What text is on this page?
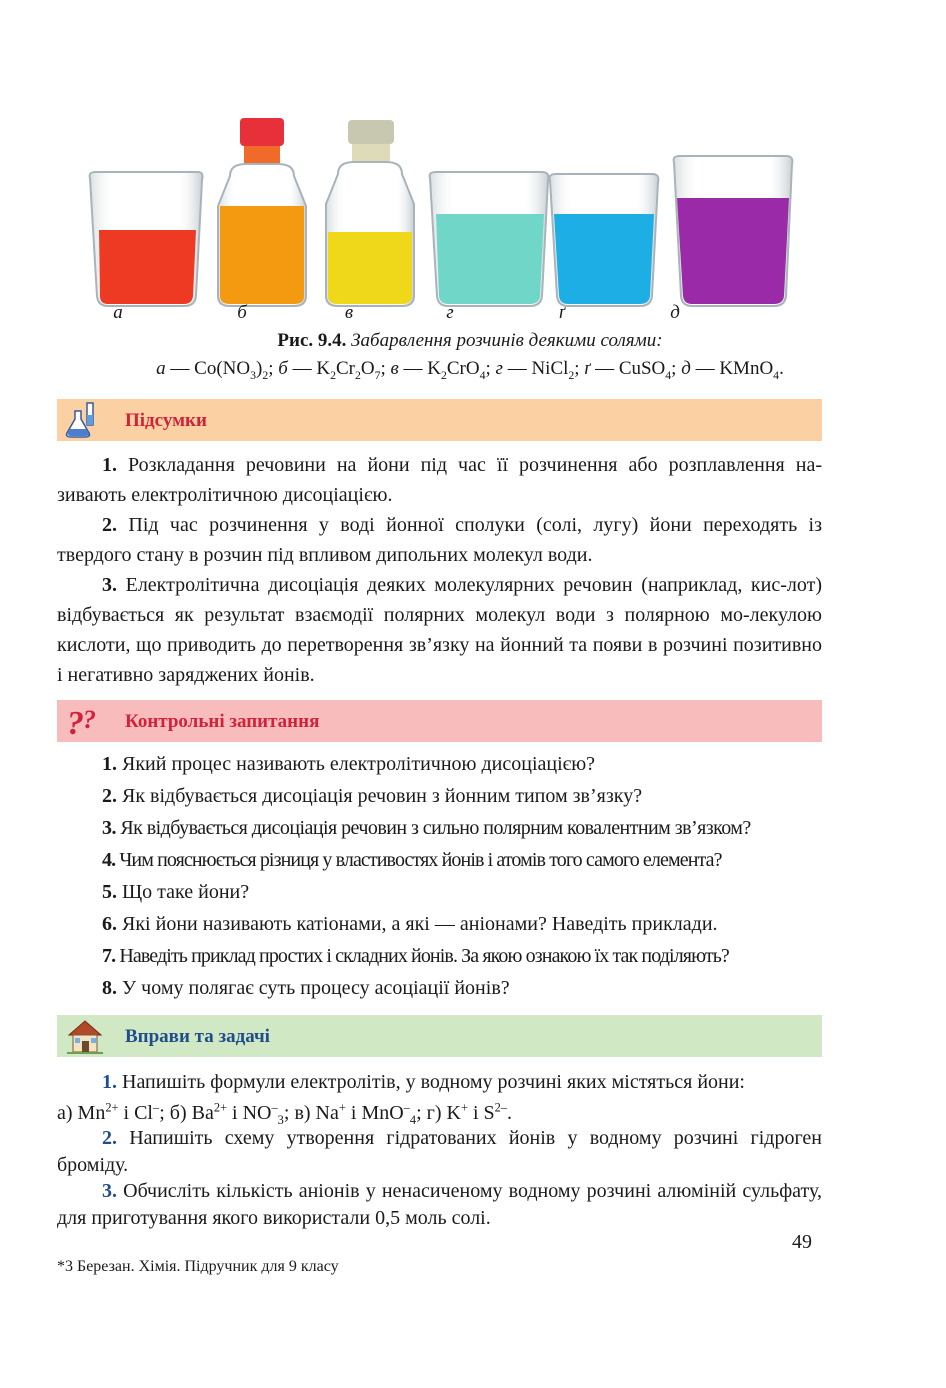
а	б	в	г	ґ	д
Рис. 9.4. Забарвлення розчинів деякими солями:
а — $Co(NO_3)_2$; б — $K_2Cr_2O_7$; в — $K_2CrO_4$; г — NiCl$_2$; ґ — CuSO$_4$; д — KMnO$_4$.
Підсумки
1. Розкладання речовини на йони під час її розчинення або розплавлення на-зивають електролітичною дисоціацією.
2. Під час розчинення у воді йонної сполуки (солі, лугу) йони переходять із твердого стану в розчин під впливом дипольних молекул води.
3. Електролітична дисоціація деяких молекулярних речовин (наприклад, кис-лот) відбувається як результат взаємодії полярних молекул води з полярною мо-лекулою кислоти, що приводить до перетворення зв’язку на йонний та появи в розчині позитивно і негативно заряджених йонів.
? ? Контрольні запитання
1. Який процес називають електролітичною дисоціацією?
2. Як відбувається дисоціація речовин з йонним типом зв’язку?
3. Як відбувається дисоціація речовин з сильно полярним ковалентним зв’язком?
4. Чим пояснюється різниця у властивостях йонів і атомів того самого елемента?
5. Що таке йони?
6. Які йони називають катіонами, а які — аніонами? Наведіть приклади.
7. Наведіть приклад простих і складних йонів. За якою ознакою їх так поділяють?
8. У чому полягає суть процесу асоціації йонів?
Вправи та задачі
1. Напишіть формули електролітів, у водному розчині яких містяться йони:
а) $Mn^{2+}$ і Cl–; б) $Ba^{2+}$ і $NO^-_3$; в) Na+ і MnO–$_4$; г) K+ і $S^{2-}$.
2. Напишіть схему утворення гідратованих йонів у водному розчині гідроген броміду.
3. Обчисліть кількість аніонів у ненасиченому водному розчині алюміній сульфату, для приготування якого використали 0,5 моль солі.
49
*3 Березан. Хімія. Підручник для 9 класу
